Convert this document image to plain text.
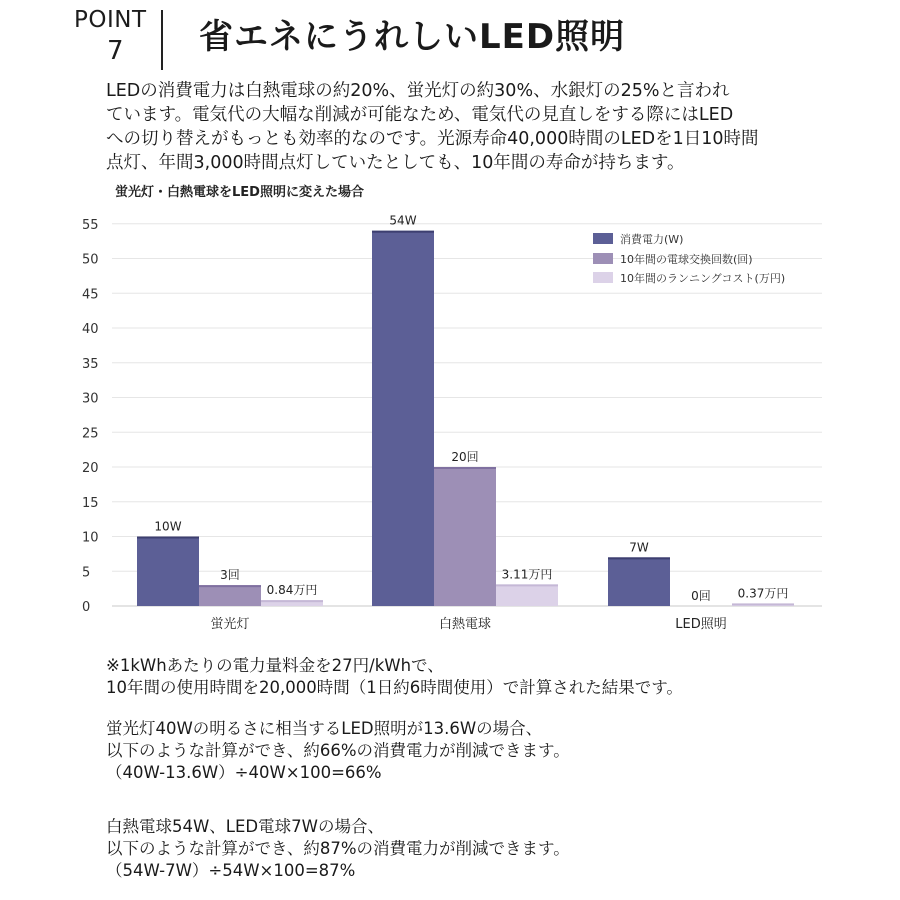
POINT
7 省エネにうれしいLED照明
LEDの消費電力は白熱電球の約20%、蛍光灯の約30%、水銀灯の25%と言われ
ています。電気代の大幅な削減が可能なため、電気代の見直しをする際にはLED
への切り替えがもっとも効率的なのです。光源寿命40,000時間のLEDを1日10時間
点灯、年間3,000時間点灯していたとしても、10年間の寿命が持ちます。
蛍光灯・白熱電球をLED照明に変えた場合
0
5
10
15
20
25
30
35
40
45
50
55
10W
3回
0.84万円
蛍光灯
54W
20回
3.11万円
白熱電球
7W
0回 0.37万円
LED照明
消費電力(W)
10年間の電球交換回数(回)
10年間のランニングコスト(万円)
※1kWhあたりの電力量料金を27円/kWhで、
10年間の使用時間を20,000時間（1日約6時間使用）で計算された結果です。
蛍光灯40Wの明るさに相当するLED照明が13.6Wの場合、
以下のような計算ができ、約66%の消費電力が削減できます。
（40W-13.6W）÷40W×100=66%
白熱電球54W、LED電球7Wの場合、
以下のような計算ができ、約87%の消費電力が削減できます。
（54W-7W）÷54W×100=87%
